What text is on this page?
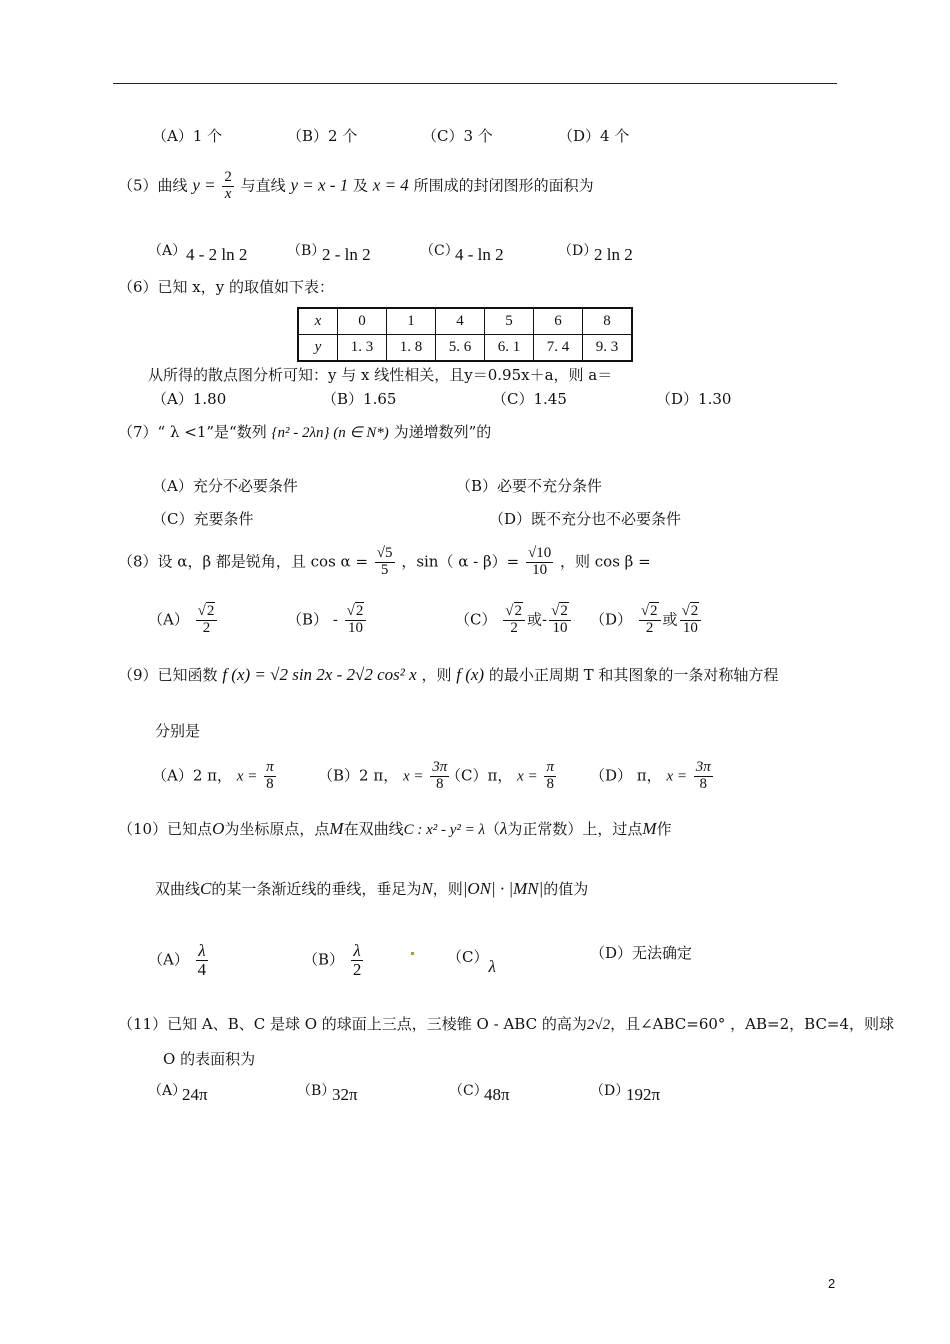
（A）1 个	（B）2 个	（C）3 个	（D）4 个
（5）曲线 $y = \frac{2}{x}$ 与直线 y = x - 1 及 x = 4 所围成的封闭图形的面积为
（A） 4 - 2 ln 2	（B）
2 - ln 2	（C）
4 - ln 2	（D）
2 ln 2
（6）已知 x，y 的取值如下表：
x	0	1	4	5	6	8
y	1. 3	1. 8	5. 6	6. 1	7. 4	9. 3
从所得的散点图分析可知：y 与 x 线性相关，且y＝0.95x＋a，则 a＝
（A）1.80	（B）1.65	（C）1.45	（D）1.30
（7）“ λ <1”是“数列 {n² - 2λn} (n ∈ N*) 为递增数列”的
（A）充分不必要条件	（B）必要不充分条件
（C）充要条件	（D）既不充分也不必要条件
（8）设 α，β 都是锐角，且 $\cos \alpha = \frac{√5}{5}$ ，sin（ $\alpha - \beta)= \frac{√10}{10}$ ，则 cos β =
$(A) \frac{√2}{2}$	$(B) - \frac{√2}{10}$	$(C) \frac{√2}{2}$ 或- $\frac{√2}{10} (D) \frac{√2}{2}$ 或 $\frac{√2}{10}$
（9）已知函数 f (x) = √2 sin 2x - 2√2 cos² x ，则 f (x) 的最小正周期 T 和其图象的一条对称轴方程
分别是
（A）2 π， $x = \frac{\pi}{8}$	（B）2 π， $x = \frac{3\pi}{8}$
（C）π， $x = \frac{\pi}{8} (D)$ π， $x = \frac{3\pi}{8}$
（10）已知点O为坐标原点，点M在双曲线C : x² - y² = λ（λ为正常数）上，过点M作
双曲线C的某一条渐近线的垂线，垂足为N，则|ON| · |MN|的值为
$(A) \frac{\lambda}{4}$	$(B) \frac{\lambda}{2}$	（C）λ
（D）无法确定
（11）已知 A、B、C 是球 O 的球面上三点，三棱锥 O - ABC 的高为2√2，且∠ABC=60° ，AB=2，BC=4，则球
O 的表面积为
（A）
24π	（B）
32π	（C）
48π	（D）
192π
2
